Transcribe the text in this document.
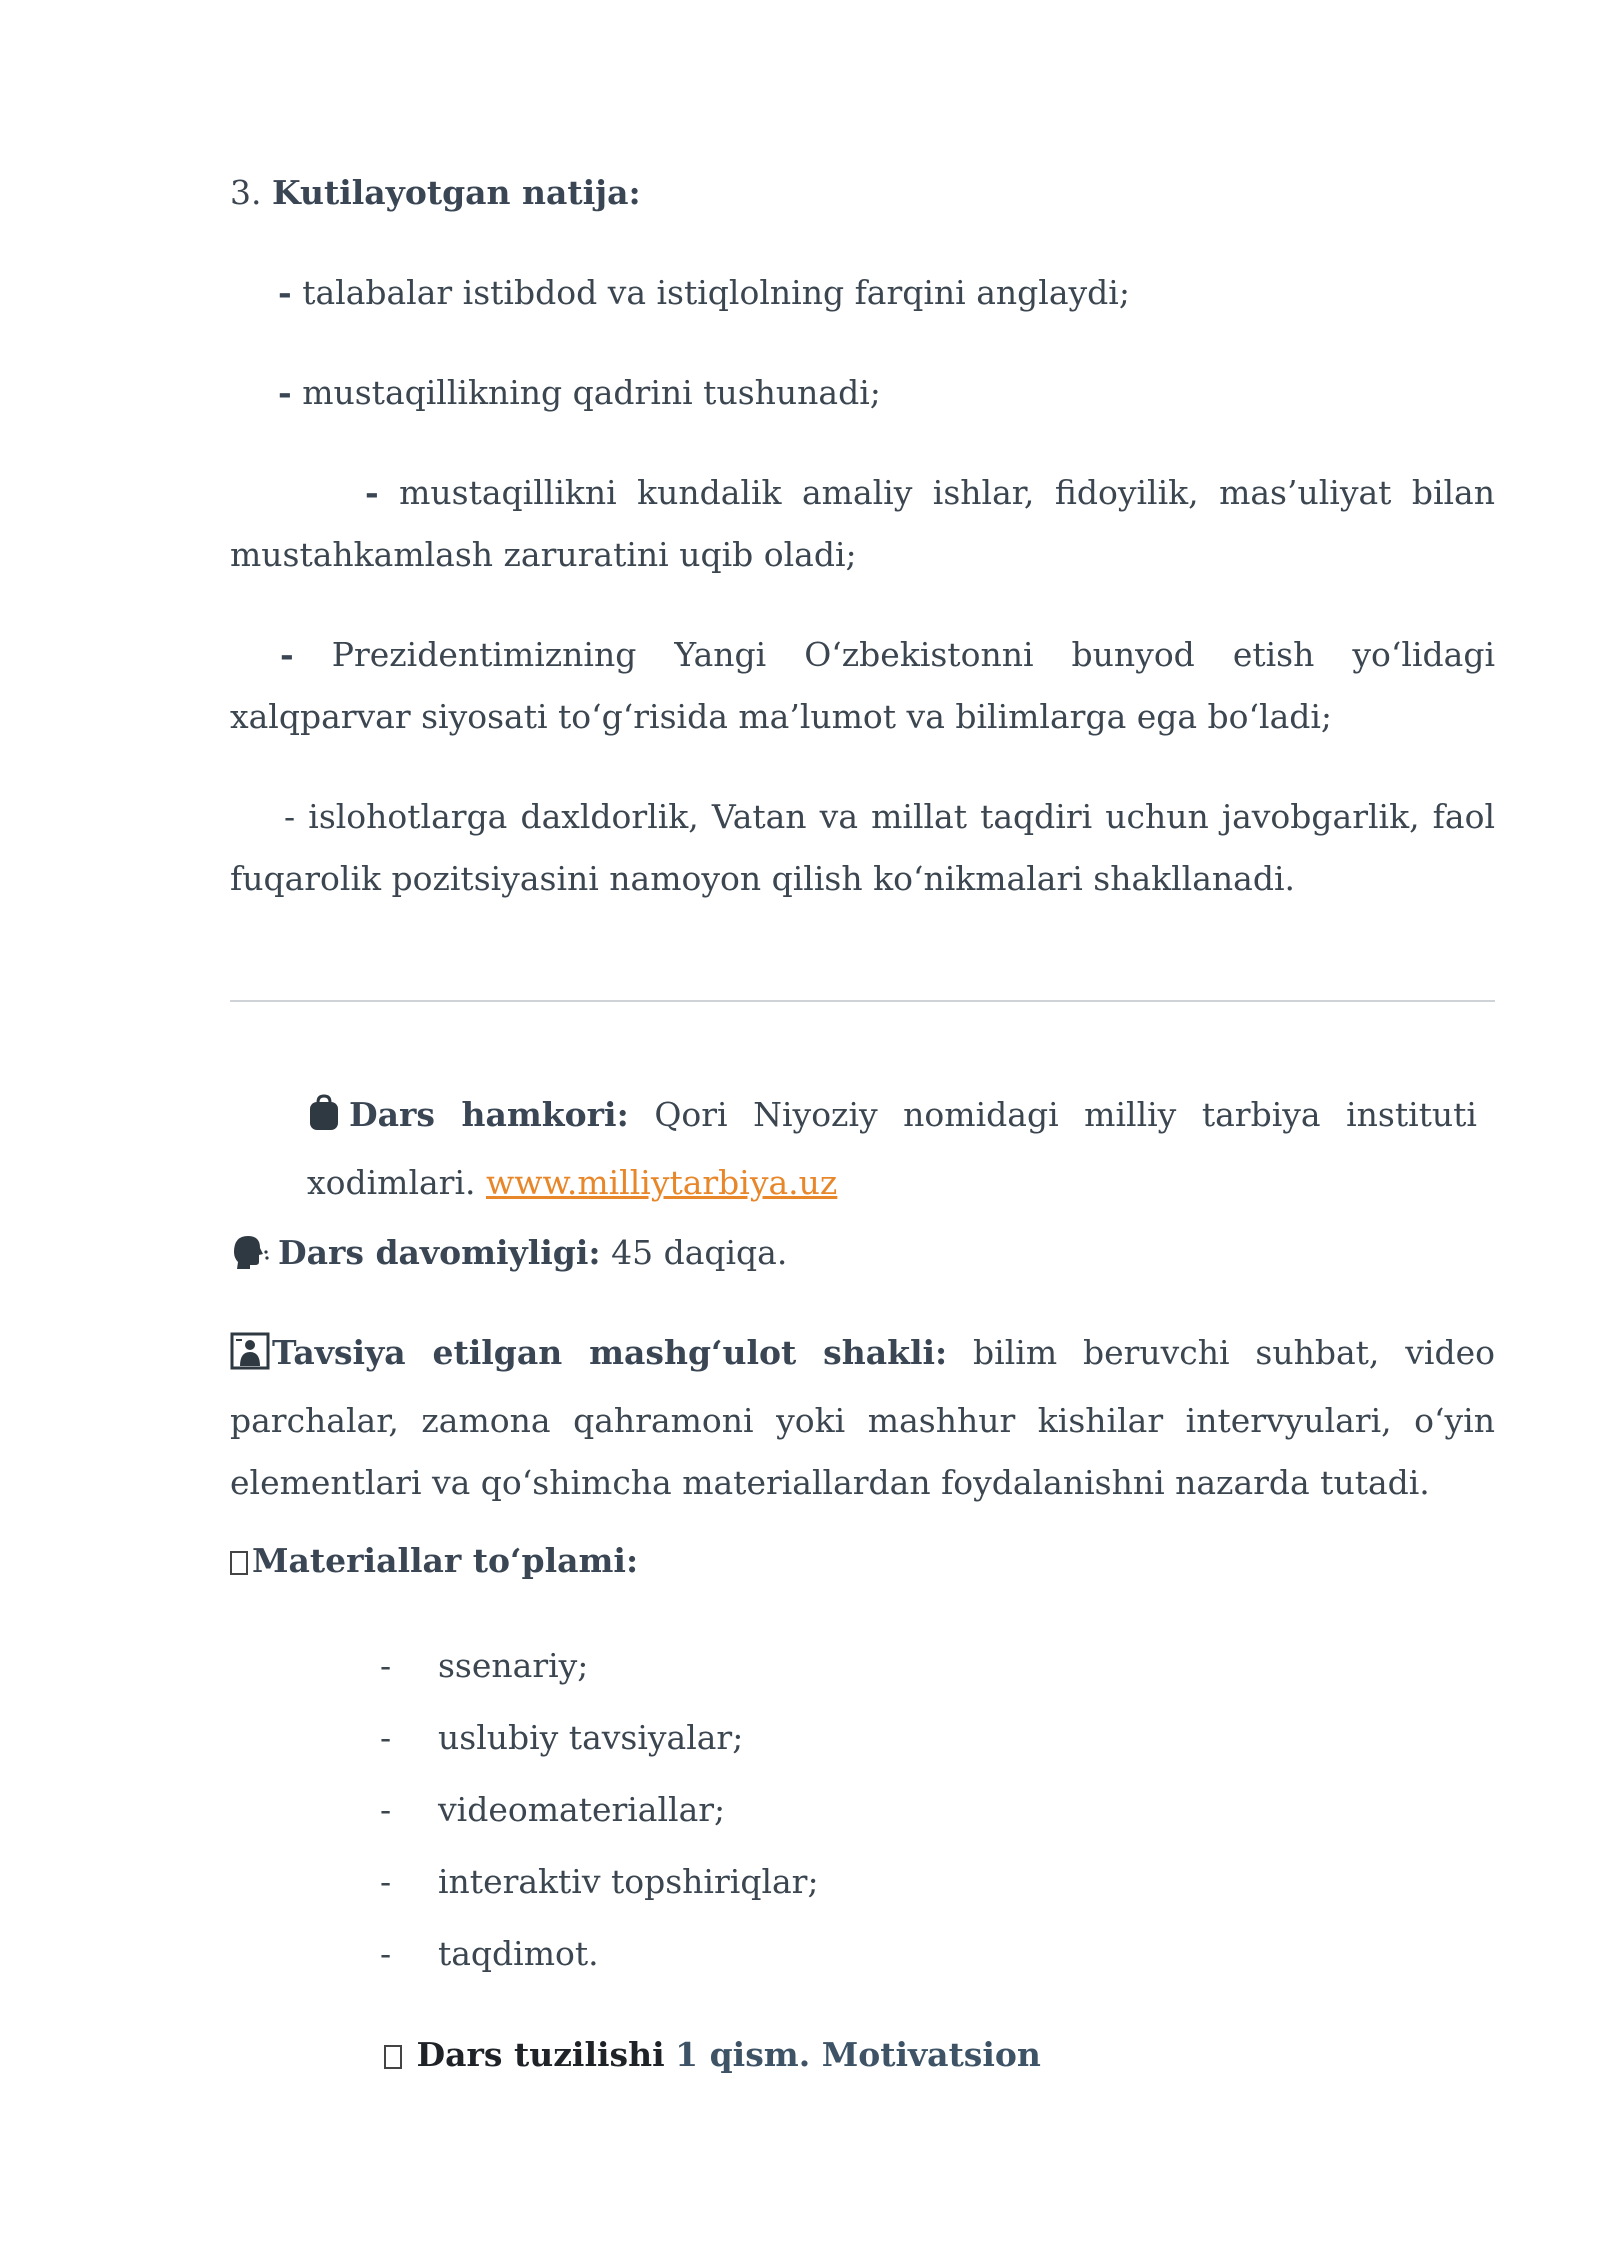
3. Kutilayotgan natija:
- talabalar istibdod va istiqlolning farqini anglaydi;
- mustaqillikning qadrini tushunadi;
- mustaqillikni kundalik amaliy ishlar, fidoyilik, mas’uliyat bilan mustahkamlash zaruratini uqib oladi;
- Prezidentimizning Yangi O‘zbekistonni bunyod etish yo‘lidagi xalqparvar siyosati to‘g‘risida ma’lumot va bilimlarga ega bo‘ladi;
- islohotlarga daxldorlik, Vatan va millat taqdiri uchun javobgarlik, faol fuqarolik pozitsiyasini namoyon qilish ko‘nikmalari shakllanadi.
Dars hamkori: Qori Niyoziy nomidagi milliy tarbiya instituti xodimlari. www.milliytarbiya.uz
Dars davomiyligi: 45 daqiqa.
Tavsiya etilgan mashg‘ulot shakli: bilim beruvchi suhbat, video parchalar, zamona qahramoni yoki mashhur kishilar intervyulari, o‘yin elementlari va qo‘shimcha materiallardan foydalanishni nazarda tutadi.
Materiallar to‘plami:
- ssenariy;
- uslubiy tavsiyalar;
- videomateriallar;
- interaktiv topshiriqlar;
- taqdimot.
Dars tuzilishi 1 qism. Motivatsion
